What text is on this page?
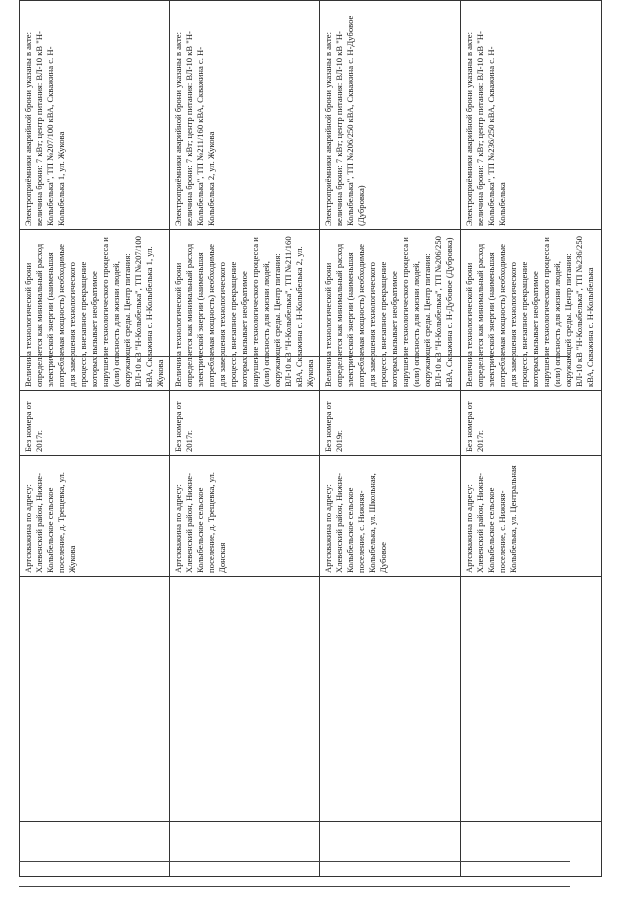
	Артскважина по адресу: Хлевенский район, Нижне-Колыбельское сельское поселение, д. Трещевка, ул. Жукова	Без номера от 2017г.	Величина технологической брони определяется как минимальный расход электрической энергии (наименьшая потребляемая мощность) необходимые для завершения технологического процесса, внезапное прекращение которых вызывает необратимое нарушение технологического процесса и (или) опасность для жизни людей, окружающей среды. Центр питания: ВЛ-10 кВ "Н-Колыбелька", ТП №207/100 кВА, Скважина с. Н-Колыбелька 1, ул. Жукова	Электроприёмники аварийной брони указаны в акте: величина брони: 7 кВт; центр питания: ВЛ-10 кВ "Н-Колыбелька", ТП №207/100 кВА, Скважина с. Н-Колыбелька 1, ул. Жукова

	Артскважина по адресу: Хлевенский район, Нижне-Колыбельское сельское поселение, д. Трещевка, ул. Донская	Без номера от 2017г.	Величина технологической брони определяется как минимальный расход электрической энергии (наименьшая потребляемая мощность) необходимые для завершения технологического процесса, внезапное прекращение которых вызывает необратимое нарушение технологического процесса и (или) опасность для жизни людей, окружающей среды. Центр питания: ВЛ-10 кВ "Н-Колыбелька", ТП №211/160 кВА, Скважина с. Н-Колыбелька 2, ул. Жукова	Электроприёмники аварийной брони указаны в акте: величина брони: 7 кВт; центр питания: ВЛ-10 кВ "Н-Колыбелька", ТП №211/160 кВА, Скважина с. Н-Колыбелька 2, ул. Жукова

	Артскважина по адресу: Хлевенский район, Нижне-Колыбельское сельское поселение, с. Нижняя-Колыбелька, ул. Школьная, Дубовое	Без номера от 2019г.	Величина технологической брони определяется как минимальный расход электрической энергии (наименьшая потребляемая мощность) необходимые для завершения технологического процесса, внезапное прекращение которых вызывает необратимое нарушение технологического процесса и (или) опасность для жизни людей, окружающей среды. Центр питания: ВЛ-10 кВ "Н-Колыбелька", ТП №206/250 кВА, Скважина с. Н-Дубовое (Дубровка)	Электроприёмники аварийной брони указаны в акте: величина брони: 7 кВт; центр питания: ВЛ-10 кВ "Н-Колыбелька", ТП №206/250 кВА, Скважина с. Н-Дубовое (Дубровка)

	Артскважина по адресу: Хлевенский район, Нижне-Колыбельское сельское поселение, с. Нижняя-Колыбелька, ул. Центральная	Без номера от 2017г.	Величина технологической брони определяется как минимальный расход электрической энергии (наименьшая потребляемая мощность) необходимые для завершения технологического процесса, внезапное прекращение которых вызывает необратимое нарушение технологического процесса и (или) опасность для жизни людей, окружающей среды. Центр питания: ВЛ-10 кВ "Н-Колыбелька", ТП №236/250 кВА, Скважина с. Н-Колыбелька	Электроприёмники аварийной брони указаны в акте: величина брони: 7 кВт; центр питания: ВЛ-10 кВ "Н-Колыбелька", ТП №236/250 кВА, Скважина с. Н-Колыбелька
